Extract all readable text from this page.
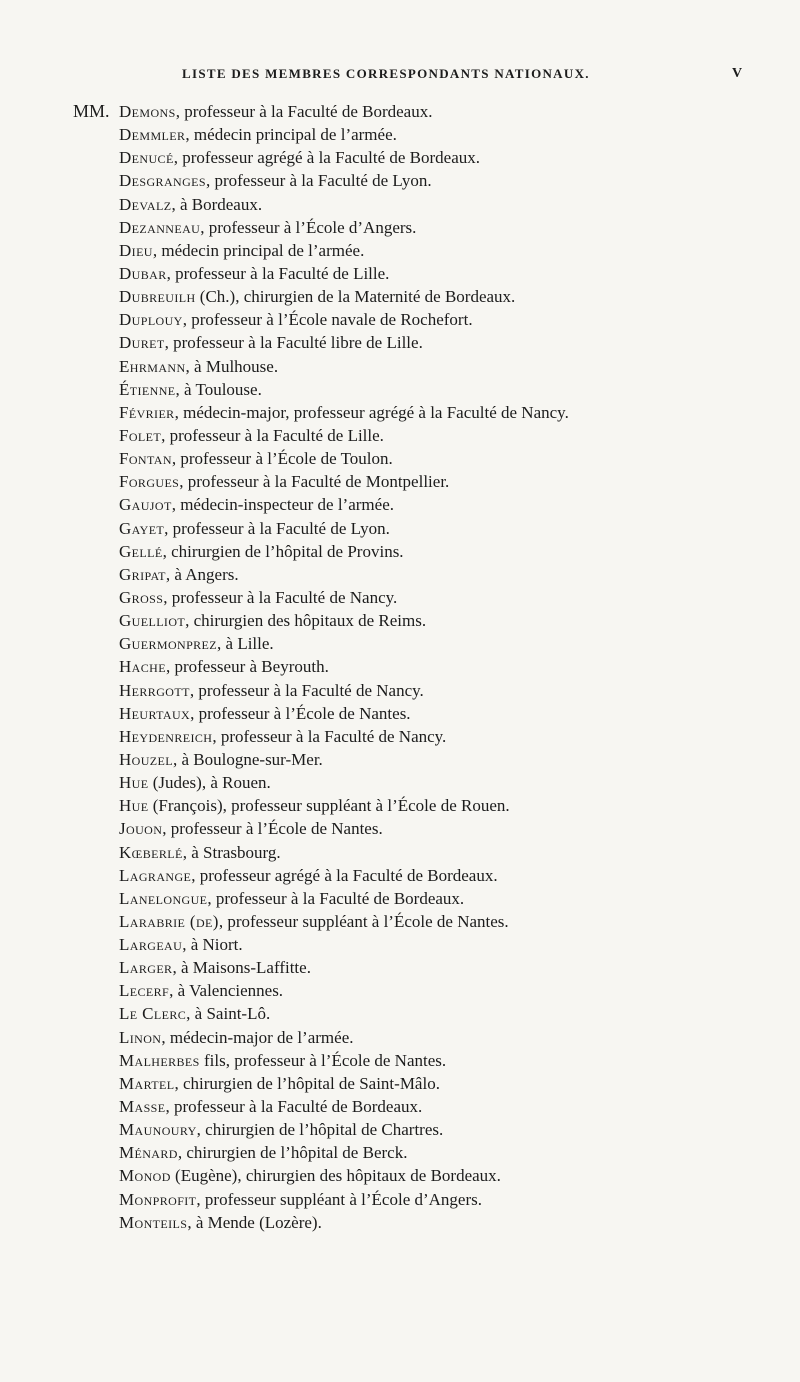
LISTE DES MEMBRES CORRESPONDANTS NATIONAUX.	V
MM. Demons, professeur à la Faculté de Bordeaux.
Demmler, médecin principal de l’armée.
Denucé, professeur agrégé à la Faculté de Bordeaux.
Desgranges, professeur à la Faculté de Lyon.
Devalz, à Bordeaux.
Dezanneau, professeur à l’École d’Angers.
Dieu, médecin principal de l’armée.
Dubar, professeur à la Faculté de Lille.
Dubreuilh (Ch.), chirurgien de la Maternité de Bordeaux.
Duplouy, professeur à l’École navale de Rochefort.
Duret, professeur à la Faculté libre de Lille.
Ehrmann, à Mulhouse.
Étienne, à Toulouse.
Février, médecin-major, professeur agrégé à la Faculté de Nancy.
Folet, professeur à la Faculté de Lille.
Fontan, professeur à l’École de Toulon.
Forgues, professeur à la Faculté de Montpellier.
Gaujot, médecin-inspecteur de l’armée.
Gayet, professeur à la Faculté de Lyon.
Gellé, chirurgien de l’hôpital de Provins.
Gripat, à Angers.
Gross, professeur à la Faculté de Nancy.
Guelliot, chirurgien des hôpitaux de Reims.
Guermonprez, à Lille.
Hache, professeur à Beyrouth.
Herrgott, professeur à la Faculté de Nancy.
Heurtaux, professeur à l’École de Nantes.
Heydenreich, professeur à la Faculté de Nancy.
Houzel, à Boulogne-sur-Mer.
Hue (Judes), à Rouen.
Hue (François), professeur suppléant à l’École de Rouen.
Jouon, professeur à l’École de Nantes.
Kœberlé, à Strasbourg.
Lagrange, professeur agrégé à la Faculté de Bordeaux.
Lanelongue, professeur à la Faculté de Bordeaux.
Larabrie (de), professeur suppléant à l’École de Nantes.
Largeau, à Niort.
Larger, à Maisons-Laffitte.
Lecerf, à Valenciennes.
Le Clerc, à Saint-Lô.
Linon, médecin-major de l’armée.
Malherbes fils, professeur à l’École de Nantes.
Martel, chirurgien de l’hôpital de Saint-Mâlo.
Masse, professeur à la Faculté de Bordeaux.
Maunoury, chirurgien de l’hôpital de Chartres.
Ménard, chirurgien de l’hôpital de Berck.
Monod (Eugène), chirurgien des hôpitaux de Bordeaux.
Monprofit, professeur suppléant à l’École d’Angers.
Monteils, à Mende (Lozère).
